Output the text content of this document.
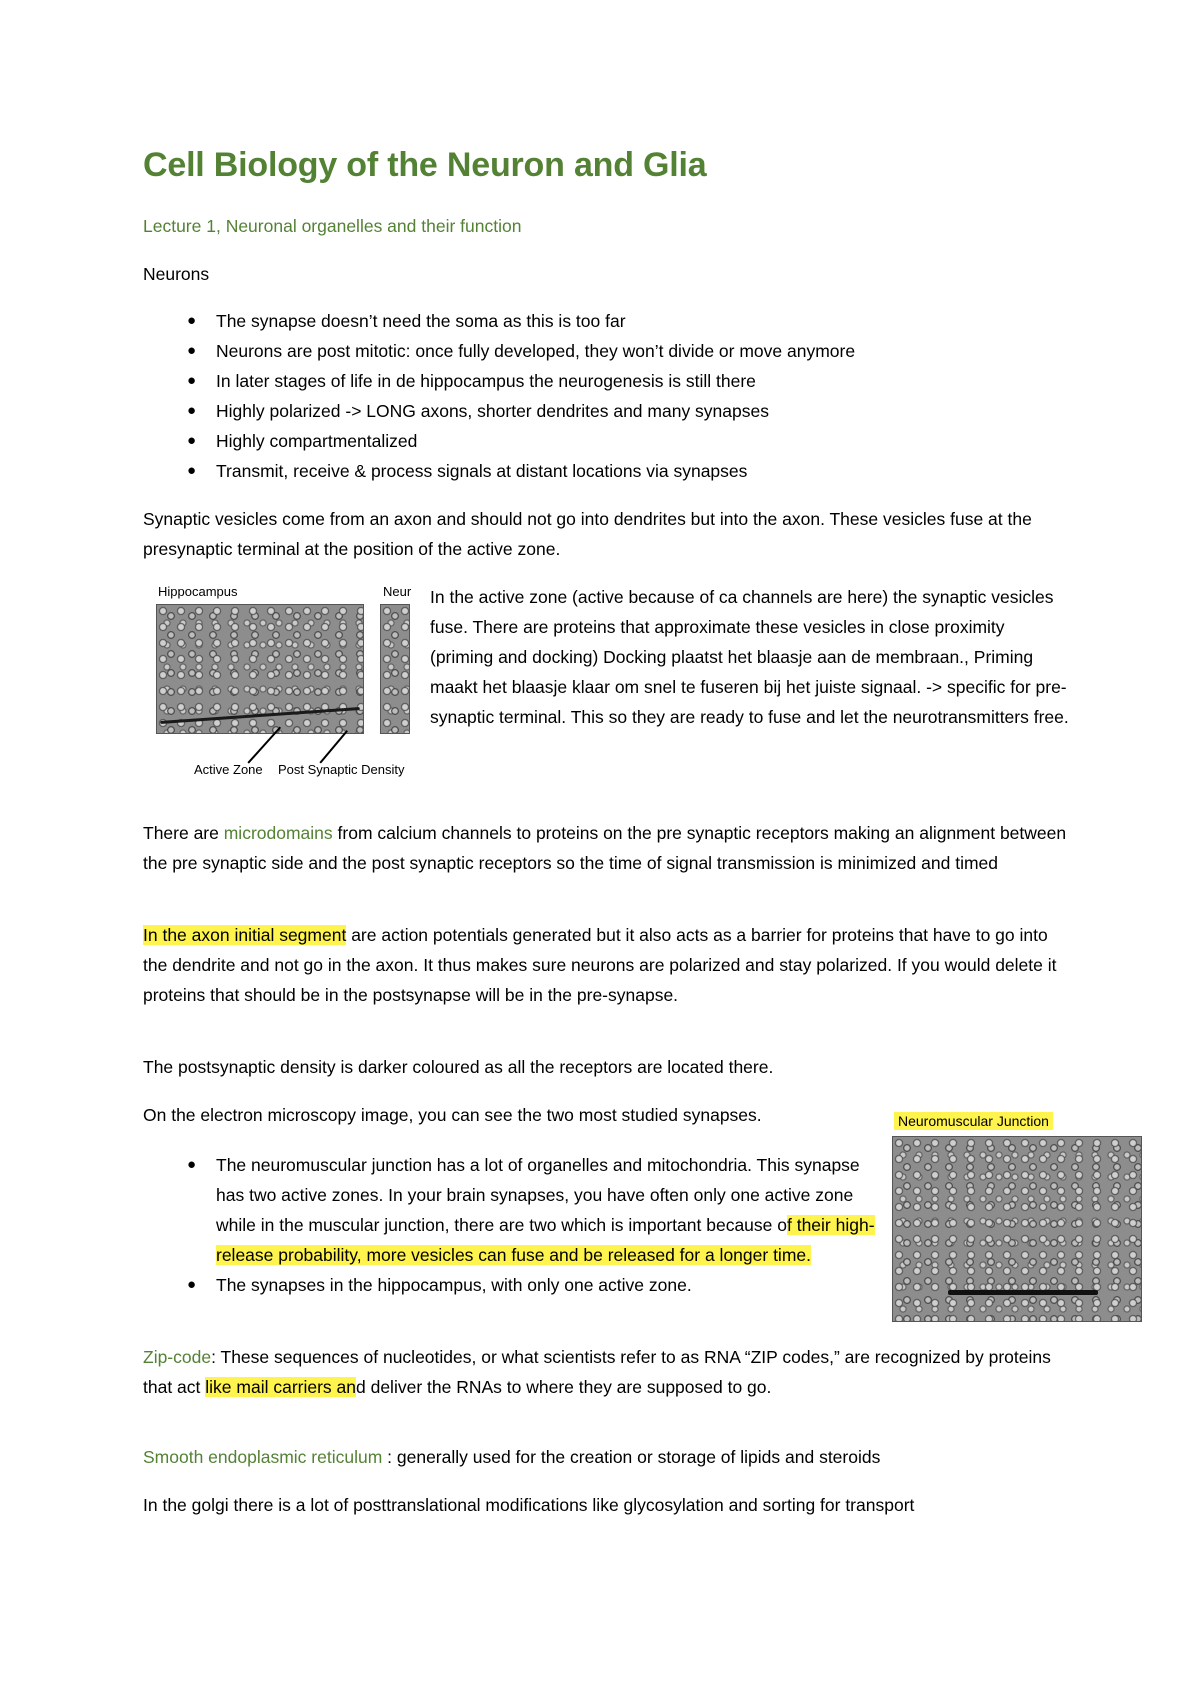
Cell Biology of the Neuron and Glia
Lecture 1, Neuronal organelles and their function
Neurons
● The synapse doesn’t need the soma as this is too far
● Neurons are post mitotic: once fully developed, they won’t divide or move anymore
● In later stages of life in de hippocampus the neurogenesis is still there
● Highly polarized -> LONG axons, shorter dendrites and many synapses
● Highly compartmentalized
● Transmit, receive & process signals at distant locations via synapses

Synaptic vesicles come from an axon and should not go into dendrites but into the axon. These vesicles fuse at the presynaptic terminal at the position of the active zone.

Hippocampus	Neur
Active Zone Post Synaptic Density

In the active zone (active because of ca channels are here) the synaptic vesicles fuse. There are proteins that approximate these vesicles in close proximity (priming and docking) Docking plaatst het blaasje aan de membraan., Priming maakt het blaasje klaar om snel te fuseren bij het juiste signaal. -> specific for pre-synaptic terminal. This so they are ready to fuse and let the neurotransmitters free.

There are microdomains from calcium channels to proteins on the pre synaptic receptors making an alignment between the pre synaptic side and the post synaptic receptors so the time of signal transmission is minimized and timed

In the axon initial segment are action potentials generated but it also acts as a barrier for proteins that have to go into the dendrite and not go in the axon. It thus makes sure neurons are polarized and stay polarized. If you would delete it proteins that should be in the postsynapse will be in the pre-synapse.

The postsynaptic density is darker coloured as all the receptors are located there.

On the electron microscopy image, you can see the two most studied synapses.	Neuromuscular Junction
● The neuromuscular junction has a lot of organelles and mitochondria. This synapse has two active zones. In your brain synapses, you have often only one active zone while in the muscular junction, there are two which is important because of their high-release probability, more vesicles can fuse and be released for a longer time.
● The synapses in the hippocampus, with only one active zone.

Zip-code: These sequences of nucleotides, or what scientists refer to as RNA “ZIP codes,” are recognized by proteins that act like mail carriers and deliver the RNAs to where they are supposed to go.

Smooth endoplasmic reticulum : generally used for the creation or storage of lipids and steroids

In the golgi there is a lot of posttranslational modifications like glycosylation and sorting for transport
